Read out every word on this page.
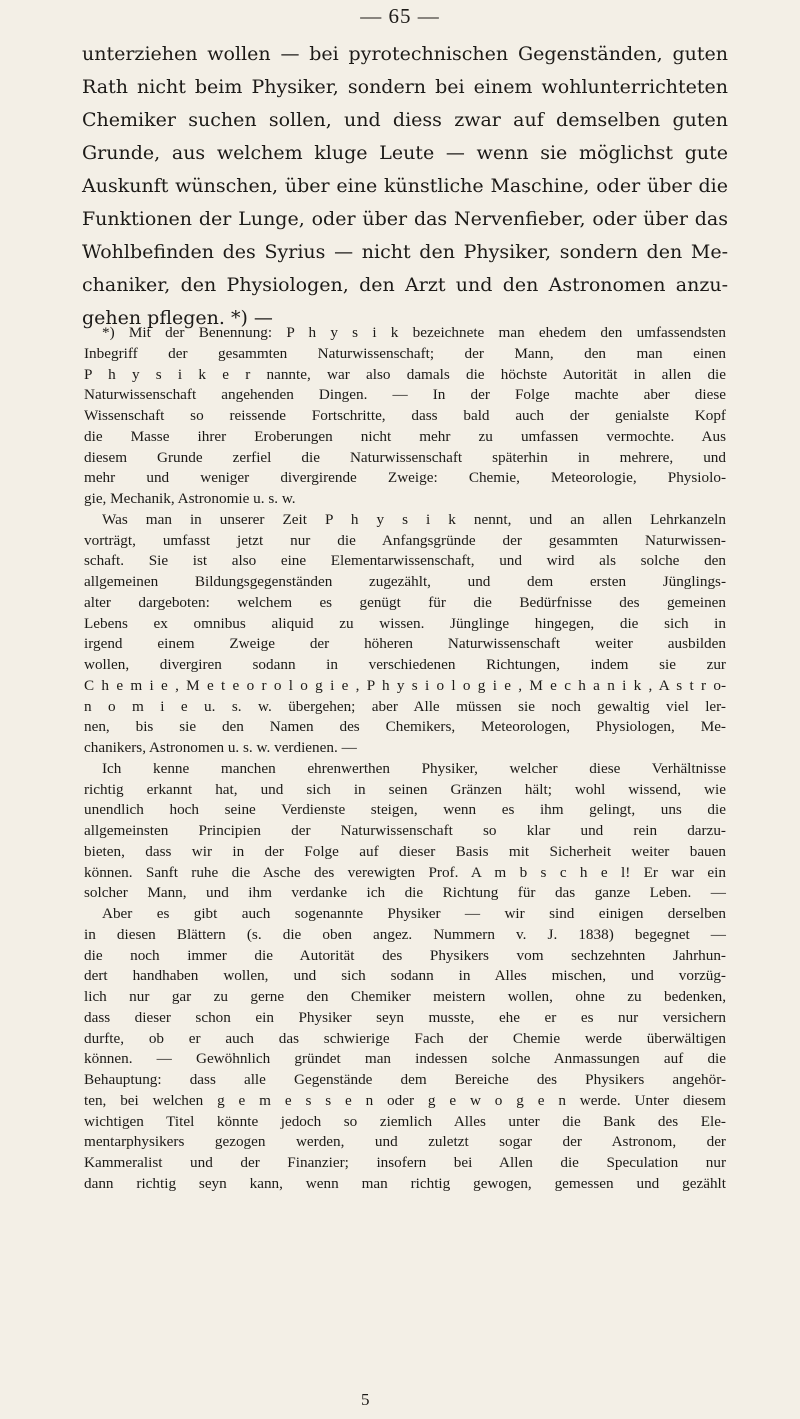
— 65 —
unterziehen wollen — bei pyrotechnischen Gegenständen, guten
Rath nicht beim Physiker, sondern bei einem wohlunterrichteten
Chemiker suchen sollen, und diess zwar auf demselben guten
Grunde, aus welchem kluge Leute — wenn sie möglichst gute
Auskunft wünschen, über eine künstliche Maschine, oder über die
Funktionen der Lunge, oder über das Nervenfieber, oder über das
Wohlbefinden des Syrius — nicht den Physiker, sondern den Me-
chaniker, den Physiologen, den Arzt und den Astronomen anzu-
gehen pflegen. *) —
*) Mit der Benennung: P h y s i k bezeichnete man ehedem den umfassendsten
Inbegriff der gesammten Naturwissenschaft; der Mann, den man einen
P h y s i k e r nannte, war also damals die höchste Autorität in allen die
Naturwissenschaft angehenden Dingen. — In der Folge machte aber diese
Wissenschaft so reissende Fortschritte, dass bald auch der genialste Kopf
die Masse ihrer Eroberungen nicht mehr zu umfassen vermochte. Aus
diesem Grunde zerfiel die Naturwissenschaft späterhin in mehrere, und
mehr und weniger divergirende Zweige: Chemie, Meteorologie, Physiolo-
gie, Mechanik, Astronomie u. s. w.
Was man in unserer Zeit P h y s i k nennt, und an allen Lehrkanzeln
vorträgt, umfasst jetzt nur die Anfangsgründe der gesammten Naturwissen-
schaft. Sie ist also eine Elementarwissenschaft, und wird als solche den
allgemeinen Bildungsgegenständen zugezählt, und dem ersten Jünglings-
alter dargeboten: welchem es genügt für die Bedürfnisse des gemeinen
Lebens ex omnibus aliquid zu wissen. Jünglinge hingegen, die sich in
irgend einem Zweige der höheren Naturwissenschaft weiter ausbilden
wollen, divergiren sodann in verschiedenen Richtungen, indem sie zur
C h e m i e , M e t e o r o l o g i e , P h y s i o l o g i e , M e c h a n i k , A s t r o-
n o m i e u. s. w. übergehen; aber Alle müssen sie noch gewaltig viel ler-
nen, bis sie den Namen des Chemikers, Meteorologen, Physiologen, Me-
chanikers, Astronomen u. s. w. verdienen. —
Ich kenne manchen ehrenwerthen Physiker, welcher diese Verhältnisse
richtig erkannt hat, und sich in seinen Gränzen hält; wohl wissend, wie
unendlich hoch seine Verdienste steigen, wenn es ihm gelingt, uns die
allgemeinsten Principien der Naturwissenschaft so klar und rein darzu-
bieten, dass wir in der Folge auf dieser Basis mit Sicherheit weiter bauen
können. Sanft ruhe die Asche des verewigten Prof. A m b s c h e l! Er war ein
solcher Mann, und ihm verdanke ich die Richtung für das ganze Leben. —
Aber es gibt auch sogenannte Physiker — wir sind einigen derselben
in diesen Blättern (s. die oben angez. Nummern v. J. 1838) begegnet —
die noch immer die Autorität des Physikers vom sechzehnten Jahrhun-
dert handhaben wollen, und sich sodann in Alles mischen, und vorzüg-
lich nur gar zu gerne den Chemiker meistern wollen, ohne zu bedenken,
dass dieser schon ein Physiker seyn musste, ehe er es nur versichern
durfte, ob er auch das schwierige Fach der Chemie werde überwältigen
können. — Gewöhnlich gründet man indessen solche Anmassungen auf die
Behauptung: dass alle Gegenstände dem Bereiche des Physikers angehör-
ten, bei welchen g e m e s s e n oder g e w o g e n werde. Unter diesem
wichtigen Titel könnte jedoch so ziemlich Alles unter die Bank des Ele-
mentarphysikers gezogen werden, und zuletzt sogar der Astronom, der
Kammeralist und der Finanzier; insofern bei Allen die Speculation nur
dann richtig seyn kann, wenn man richtig gewogen, gemessen und gezählt
5
